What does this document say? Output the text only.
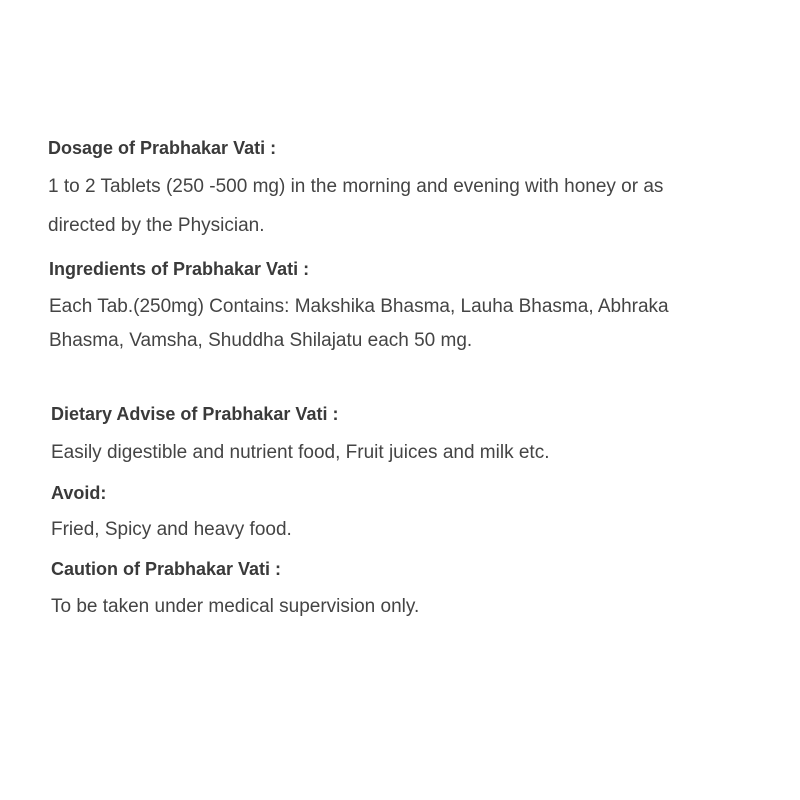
Dosage of Prabhakar Vati :
1 to 2 Tablets (250 -500 mg) in the morning and evening with honey or as
directed by the Physician.
Ingredients of Prabhakar Vati :
Each Tab.(250mg) Contains: Makshika Bhasma, Lauha Bhasma, Abhraka
Bhasma, Vamsha, Shuddha Shilajatu each 50 mg.
Dietary Advise of Prabhakar Vati :
Easily digestible and nutrient food, Fruit juices and milk etc.
Avoid:
Fried, Spicy and heavy food.
Caution of Prabhakar Vati :
To be taken under medical supervision only.
